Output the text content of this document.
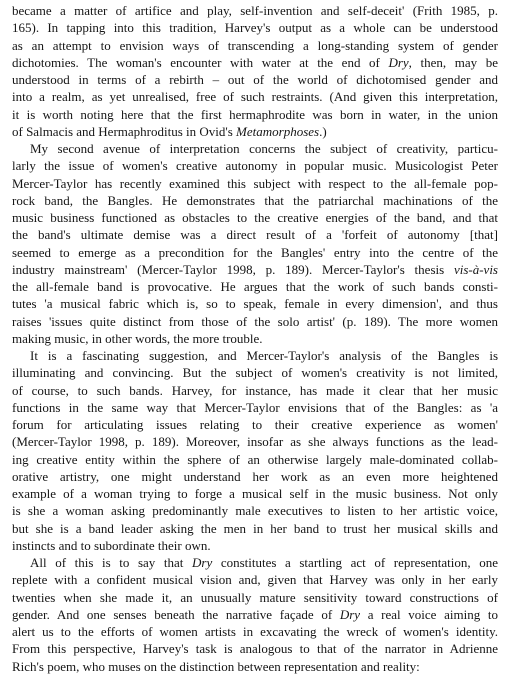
became a matter of artifice and play, self-invention and self-deceit' (Frith 1985, p.
165). In tapping into this tradition, Harvey's output as a whole can be understood
as an attempt to envision ways of transcending a long-standing system of gender
dichotomies. The woman's encounter with water at the end of Dry, then, may be
understood in terms of a rebirth – out of the world of dichotomised gender and
into a realm, as yet unrealised, free of such restraints. (And given this interpretation,
it is worth noting here that the first hermaphrodite was born in water, in the union
of Salmacis and Hermaphroditus in Ovid's Metamorphoses.)
My second avenue of interpretation concerns the subject of creativity, particu-
larly the issue of women's creative autonomy in popular music. Musicologist Peter
Mercer-Taylor has recently examined this subject with respect to the all-female pop-
rock band, the Bangles. He demonstrates that the patriarchal machinations of the
music business functioned as obstacles to the creative energies of the band, and that
the band's ultimate demise was a direct result of a 'forfeit of autonomy [that]
seemed to emerge as a precondition for the Bangles' entry into the centre of the
industry mainstream' (Mercer-Taylor 1998, p. 189). Mercer-Taylor's thesis vis-à-vis
the all-female band is provocative. He argues that the work of such bands consti-
tutes 'a musical fabric which is, so to speak, female in every dimension', and thus
raises 'issues quite distinct from those of the solo artist' (p. 189). The more women
making music, in other words, the more trouble.
It is a fascinating suggestion, and Mercer-Taylor's analysis of the Bangles is
illuminating and convincing. But the subject of women's creativity is not limited,
of course, to such bands. Harvey, for instance, has made it clear that her music
functions in the same way that Mercer-Taylor envisions that of the Bangles: as 'a
forum for articulating issues relating to their creative experience as women'
(Mercer-Taylor 1998, p. 189). Moreover, insofar as she always functions as the lead-
ing creative entity within the sphere of an otherwise largely male-dominated collab-
orative artistry, one might understand her work as an even more heightened
example of a woman trying to forge a musical self in the music business. Not only
is she a woman asking predominantly male executives to listen to her artistic voice,
but she is a band leader asking the men in her band to trust her musical skills and
instincts and to subordinate their own.
All of this is to say that Dry constitutes a startling act of representation, one
replete with a confident musical vision and, given that Harvey was only in her early
twenties when she made it, an unusually mature sensitivity toward constructions of
gender. And one senses beneath the narrative façade of Dry a real voice aiming to
alert us to the efforts of women artists in excavating the wreck of women's identity.
From this perspective, Harvey's task is analogous to that of the narrator in Adrienne
Rich's poem, who muses on the distinction between representation and reality:
